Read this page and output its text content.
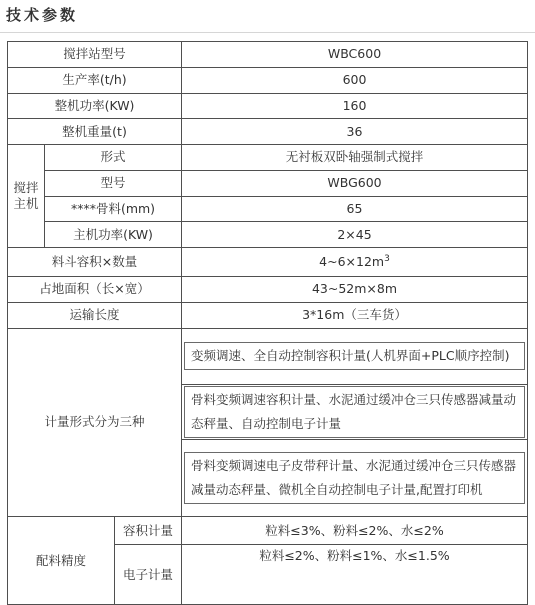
技术参数
搅拌站型号			WBC600
生产率(t/h)			600
整机功率(KW)			160
整机重量(t)			36

搅拌
主机	形式		无衬板双卧轴强制式搅拌
	型号		WBG600
	****骨料(mm)		65
	主机功率(KW)		2×45
料斗容积×数量			$4\sim 6\times 12m^3$
占地面积（长×宽）			43~52m×8m
运输长度			3*16m（三车货）
计量形式分为三种			变频调速、全自动控制容积计量(人机界面+PLC顺序控制)

			骨料变频调速容积计量、水泥通过缓冲仓三只传感器减量动态秤量、自动控制电子计量

			骨料变频调速电子皮带秤计量、水泥通过缓冲仓三只传感器减量动态秤量、微机全自动控制电子计量,配置打印机

配料精度		容积计量	粒料≤3%、粉料≤2%、水≤2%
		电子计量	粒料≤2%、粉料≤1%、水≤1.5%
